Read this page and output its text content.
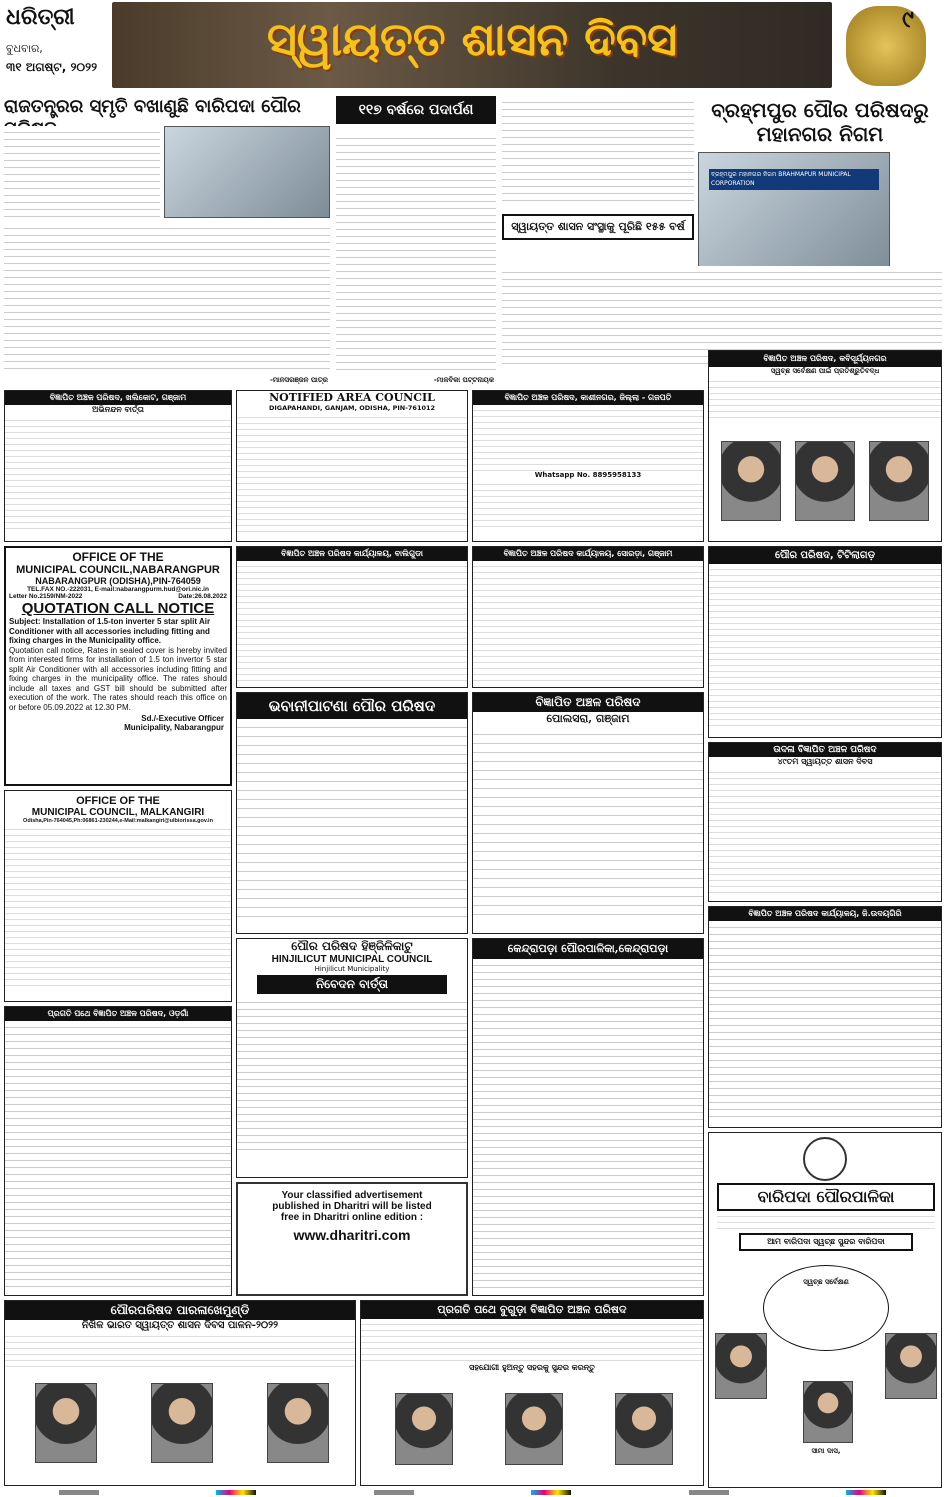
ଧରିତ୍ରୀ
ବୁଧବାର,
୩୧ ଅଗଷ୍ଟ, ୨୦୨୨
ସ୍ୱାୟତ୍ତ ଶାସନ ଦିବସ	୯
ରାଜତନ୍ତ୍ରର ସ୍ମୃତି ବଖାଣୁଛି ବାରିପଦା ପୌର
-ମାନସରଞ୍ଜନ ପାତ୍ର
୧୧୭ ବର୍ଷରେ ପଦାର୍ପଣ
-ମାଳବିକା ପଟ୍ଟନାୟକ
ବ୍ରହ୍ମପୁର ପୌର ପରିଷଦରୁ ମହାନଗର ନିଗମ
ସ୍ୱାୟତ୍ତ ଶାସନ ସଂସ୍ଥାକୁ ପୂରିଛି ୧୫୫ ବର୍ଷ
ବ୍ରହ୍ମପୁର ମହାନଗର ନିଗମ BRAHMAPUR MUNICIPAL CORPORATION
ବିଜ୍ଞାପିତ ଅଞ୍ଚଳ ପରିଷଦ, ଖଲିକୋଟ, ଗଞ୍ଜାମ
ଅଭିନନ୍ଦନ ବାର୍ତ୍ତା
NOTIFIED AREA COUNCIL
DIGAPAHANDI, GANJAM, ODISHA, PIN-761012
ବିଜ୍ଞାପିତ ଅଞ୍ଚଳ ପରିଷଦ, କାଶୀନଗର, ଜିଲ୍ଲା - ଗଜପତି
Whatsapp No. 8895958133
ବିଜ୍ଞାପିତ ଅଞ୍ଚଳ ପରିଷଦ, କବିସୂର୍ଯ୍ୟନଗର
ସ୍ୱଚ୍ଛ ସର୍ବେକ୍ଷଣ ପାଇଁ ପ୍ରତିଶ୍ରୁତିବଦ୍ଧ
OFFICE OF THE
MUNICIPAL COUNCIL,NABARANGPUR
NABARANGPUR (ODISHA),PIN-764059
TEL.FAX NO.-222031, E-mail:nabarangpurm.hud@ori.nic.in
Letter No.2159/NM-2022	Date:26.08.2022
QUOTATION CALL NOTICE
Subject: Installation of 1.5-ton inverter 5 star split Air Conditioner with all accessories including fitting and fixing charges in the Municipality office.
Quotation call notice, Rates in sealed cover is hereby invited from interested firms for installation of 1.5 ton invertor 5 star split Air Conditioner with all accessories including fitting and fixing charges in the municipality office. The rates should include all taxes and GST bill should be submitted after execution of the work. The rates should reach this office on or before 05.09.2022 at 12.30 PM.
Sd./-Executive Officer
Municipality, Nabarangpur
ବିଜ୍ଞାପିତ ଅଞ୍ଚଳ ପରିଷଦ କାର୍ଯ୍ୟାଳୟ, ବାଲିଗୁଡା	ବିଜ୍ଞାପିତ ଅଞ୍ଚଳ ପରିଷଦ କାର୍ଯ୍ୟାଳୟ, ସୋରଡ଼ା, ଗଞ୍ଜାମ	ପୌର ପରିଷଦ, ଟିଟିଲାଗଡ଼
ଭବାନୀପାଟଣା ପୌର ପରିଷଦ	ବିଜ୍ଞାପିତ ଅଞ୍ଚଳ ପରିଷଦ
ପୋଲସରା, ଗଞ୍ଜାମ
ଉଦଳା ବିଜ୍ଞାପିତ ଅଞ୍ଚଳ ପରିଷଦ
୪୯ତମ ସ୍ୱାୟତ୍ତ ଶାସନ ଦିବସ
OFFICE OF THE
MUNICIPAL COUNCIL, MALKANGIRI
Odisha,Pin-764045,Ph:06861-230244,e-Mail:malkangiri@ulbiorissa.gov.in
ପ୍ରଗତି ପଥେ ବିଜ୍ଞାପିତ ଅଞ୍ଚଳ ପରିଷଦ, ଓଡ଼ଗାଁ
ପୌର ପରିଷଦ ହିଞ୍ଜିଳିକାଟୁ
HINJILICUT MUNICIPAL COUNCIL
Hinjilicut Municipality
ନିବେଦନ ବାର୍ତ୍ତା
Your classified advertisement
published in Dharitri will be listed
free in Dharitri online edition :
www.dharitri.com
କେନ୍ଦ୍ରାପଡ଼ା ପୌରପାଳିକା,କେନ୍ଦ୍ରାପଡ଼ା
ବିଜ୍ଞାପିତ ଅଞ୍ଚଳ ପରିଷଦ କାର୍ଯ୍ୟାଳୟ, ଜି.ଉଦୟଗିରି
ବାରିପଦା ପୌରପାଳିକା
ଆମ ବାରିପଦା ସ୍ୱଚ୍ଛ ସୁନ୍ଦର ବାରିପଦା
ସ୍ୱଚ୍ଛ ସର୍ବେକ୍ଷଣ
ସୀମା ଦାସ,
ପୌରପରିଷଦ ପାରଳାଖେମୁଣ୍ଡି
ନିଖିଳ ଭାରତ ସ୍ୱାୟତ୍ତ ଶାସନ ଦିବସ ପାଳନ-୨୦୨୨
ପ୍ରଗତି ପଥେ ବୁଗୁଡ଼ା ବିଜ୍ଞାପିତ ଅଞ୍ଚଳ ପରିଷଦ
ସହଯୋଗୀ ହୁଅନ୍ତୁ ସହରକୁ ସୁନ୍ଦର କରନ୍ତୁ
